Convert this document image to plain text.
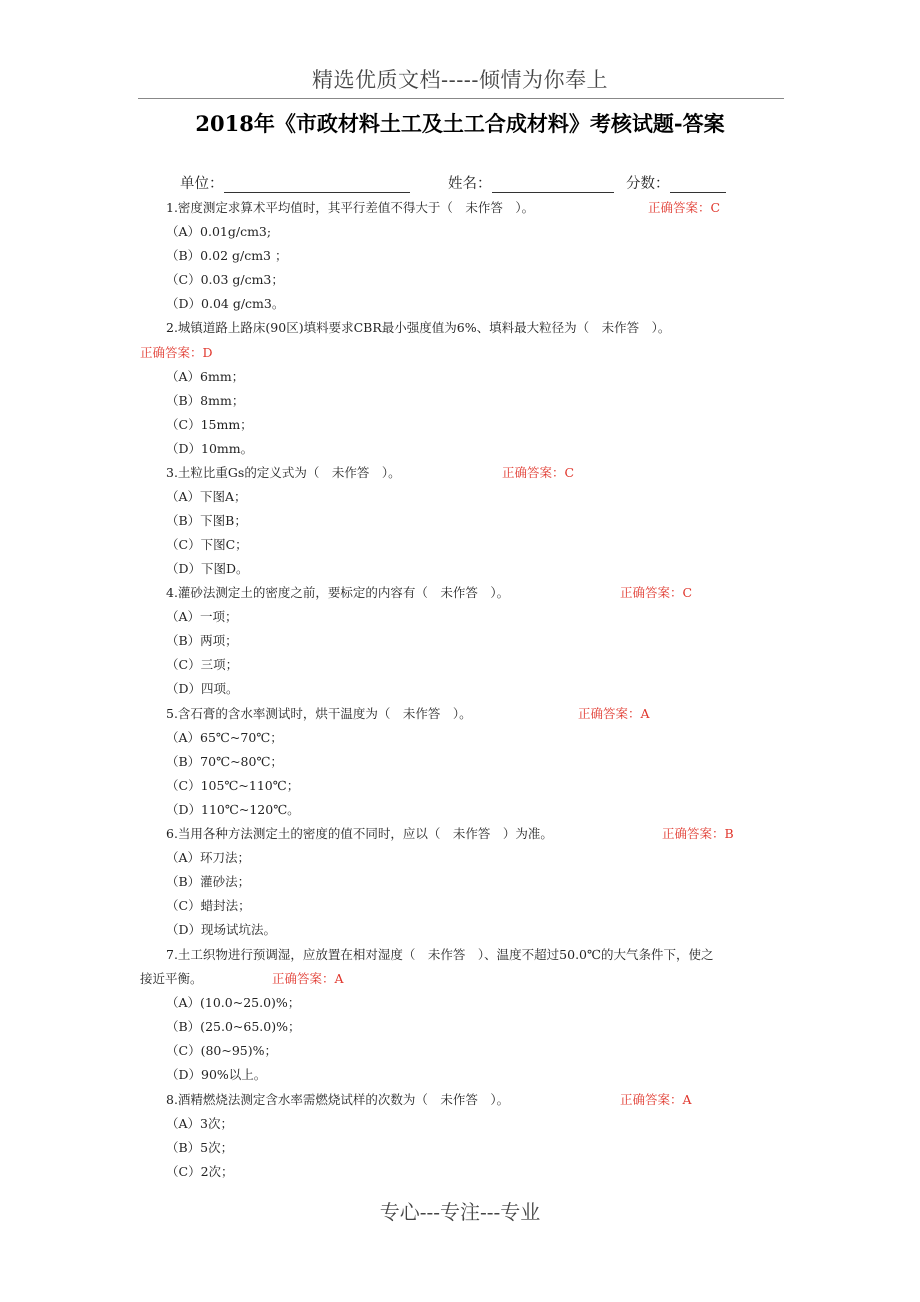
精选优质文档-----倾情为你奉上
2018年《市政材料土工及土工合成材料》考核试题-答案
单位：	姓名：	分数：
1.密度测定求算术平均值时，其平行差值不得大于（　未作答　）。	正确答案：C
（A）0.01g/cm3;
（B）0.02 g/cm3 ；
（C）0.03 g/cm3；
（D）0.04 g/cm3。
2.城镇道路上路床(90区)填料要求CBR最小强度值为6%、填料最大粒径为（　未作答　）。
正确答案：D
（A）6mm；
（B）8mm；
（C）15mm；
（D）10mm。
3.土粒比重Gs的定义式为（　未作答　）。	正确答案：C
（A）下图A；
（B）下图B；
（C）下图C；
（D）下图D。
4.灌砂法测定土的密度之前，要标定的内容有（　未作答　）。	正确答案：C
（A）一项；
（B）两项；
（C）三项；
（D）四项。
5.含石膏的含水率测试时，烘干温度为（　未作答　）。	正确答案：A
（A）65℃~70℃；
（B）70℃~80℃；
（C）105℃~110℃；
（D）110℃~120℃。
6.当用各种方法测定土的密度的值不同时，应以（　未作答　）为准。	正确答案：B
（A）环刀法；
（B）灌砂法；
（C）蜡封法；
（D）现场试坑法。
7.土工织物进行预调湿，应放置在相对湿度（　未作答　）、温度不超过50.0℃的大气条件下，使之
接近平衡。	正确答案：A
（A）(10.0~25.0)%；
（B）(25.0~65.0)%；
（C）(80~95)%；
（D）90%以上。
8.酒精燃烧法测定含水率需燃烧试样的次数为（　未作答　）。	正确答案：A
（A）3次；
（B）5次；
（C）2次；
专心---专注---专业
